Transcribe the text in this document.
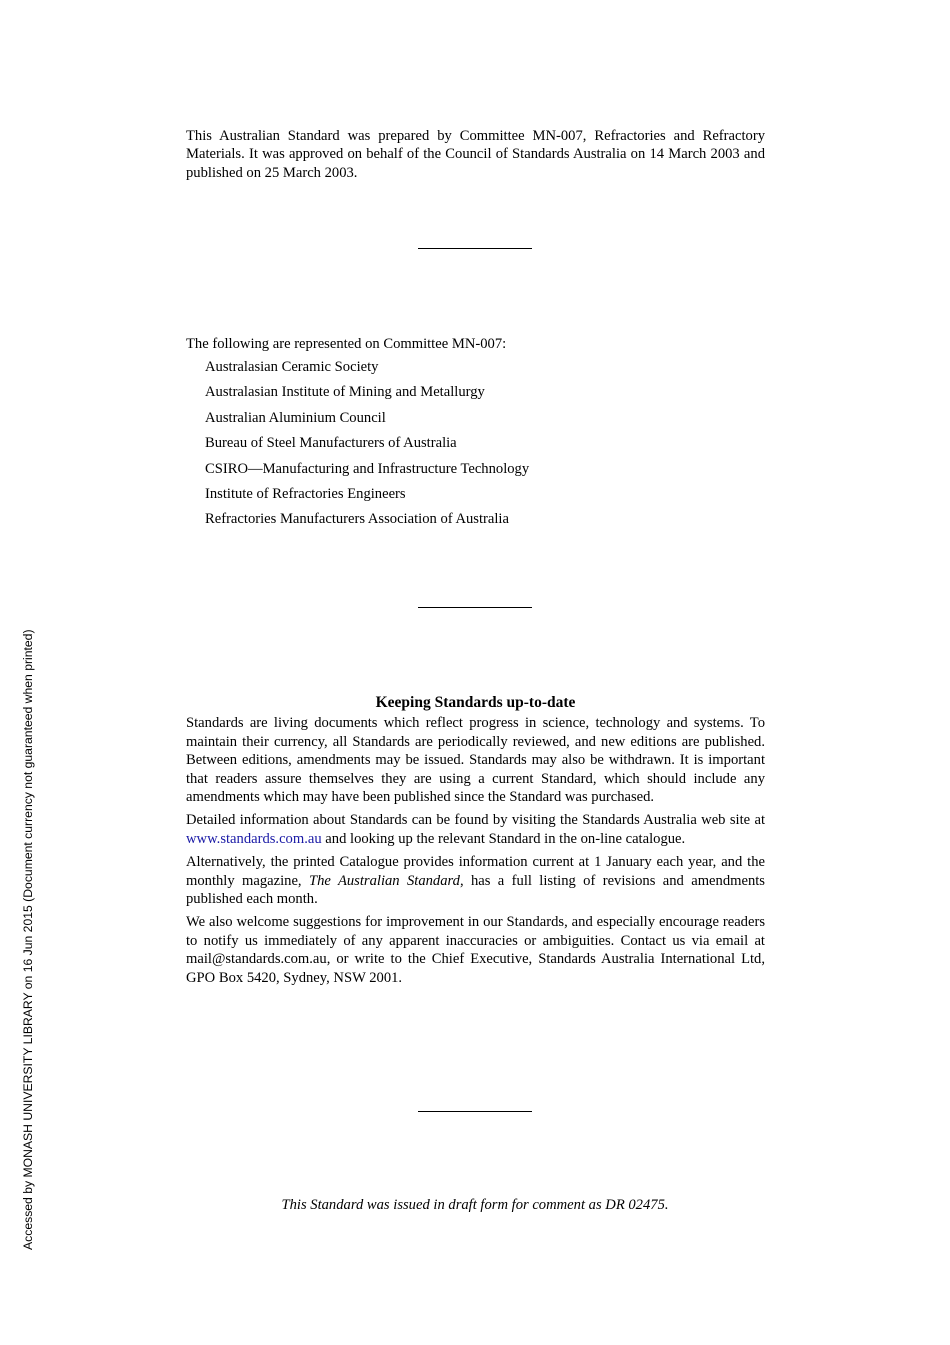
This Australian Standard was prepared by Committee MN-007, Refractories and Refractory Materials. It was approved on behalf of the Council of Standards Australia on 14 March 2003 and published on 25 March 2003.

The following are represented on Committee MN-007:
Australasian Ceramic Society
Australasian Institute of Mining and Metallurgy
Australian Aluminium Council
Bureau of Steel Manufacturers of Australia
CSIRO—Manufacturing and Infrastructure Technology
Institute of Refractories Engineers
Refractories Manufacturers Association of Australia
Keeping Standards up-to-date

Standards are living documents which reflect progress in science, technology and systems. To maintain their currency, all Standards are periodically reviewed, and new editions are published. Between editions, amendments may be issued. Standards may also be withdrawn. It is important that readers assure themselves they are using a current Standard, which should include any amendments which may have been published since the Standard was purchased.

Detailed information about Standards can be found by visiting the Standards Australia web site at www.standards.com.au and looking up the relevant Standard in the on-line catalogue.

Alternatively, the printed Catalogue provides information current at 1 January each year, and the monthly magazine, The Australian Standard, has a full listing of revisions and amendments published each month.

We also welcome suggestions for improvement in our Standards, and especially encourage readers to notify us immediately of any apparent inaccuracies or ambiguities. Contact us via email at mail@standards.com.au, or write to the Chief Executive, Standards Australia International Ltd, GPO Box 5420, Sydney, NSW 2001.

This Standard was issued in draft form for comment as DR 02475.
Accessed by MONASH UNIVERSITY LIBRARY on 16 Jun 2015 (Document currency not guaranteed when printed)
